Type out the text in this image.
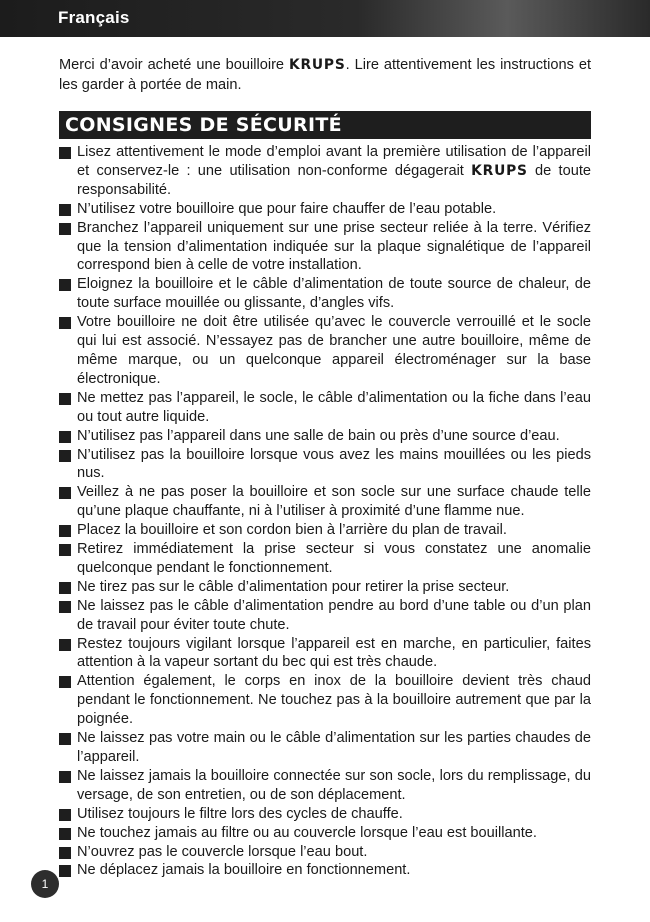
Français

Merci d’avoir acheté une bouilloire KRUPS. Lire attentivement les instructions et les garder à portée de main.

CONSIGNES DE SÉCURITÉ
Lisez attentivement le mode d’emploi avant la première utilisation de l’appareil et conservez-le : une utilisation non-conforme dégagerait KRUPS de toute responsabilité.
N’utilisez votre bouilloire que pour faire chauffer de l’eau potable.
Branchez l’appareil uniquement sur une prise secteur reliée à la terre. Vérifiez que la tension d’alimentation indiquée sur la plaque signalétique de l’appareil correspond bien à celle de votre installation.
Eloignez la bouilloire et le câble d’alimentation de toute source de chaleur, de toute surface mouillée ou glissante, d’angles vifs.
Votre bouilloire ne doit être utilisée qu’avec le couvercle verrouillé et le socle qui lui est associé. N’essayez pas de brancher une autre bouilloire, même de même marque, ou un quelconque appareil électroménager sur la base électronique.
Ne mettez pas l’appareil, le socle, le câble d’alimentation ou la fiche dans l’eau ou tout autre liquide.
N’utilisez pas l’appareil dans une salle de bain ou près d’une source d’eau.
N’utilisez pas la bouilloire lorsque vous avez les mains mouillées ou les pieds nus.
Veillez à ne pas poser la bouilloire et son socle sur une surface chaude telle qu’une plaque chauffante, ni à l’utiliser à proximité d’une flamme nue.
Placez la bouilloire et son cordon bien à l’arrière du plan de travail.
Retirez immédiatement la prise secteur si vous constatez une anomalie quelconque pendant le fonctionnement.
Ne tirez pas sur le câble d’alimentation pour retirer la prise secteur.
Ne laissez pas le câble d’alimentation pendre au bord d’une table ou d’un plan de travail pour éviter toute chute.
Restez toujours vigilant lorsque l’appareil est en marche, en particulier, faites attention à la vapeur sortant du bec qui est très chaude.
Attention également, le corps en inox de la bouilloire devient très chaud pendant le fonctionnement. Ne touchez pas à la bouilloire autrement que par la poignée.
Ne laissez pas votre main ou le câble d’alimentation sur les parties chaudes de l’appareil.
Ne laissez jamais la bouilloire connectée sur son socle, lors du remplissage, du versage, de son entretien, ou de son déplacement.
Utilisez toujours le filtre lors des cycles de chauffe.
Ne touchez jamais au filtre ou au couvercle lorsque l’eau est bouillante.
N’ouvrez pas le couvercle lorsque l’eau bout.
Ne déplacez jamais la bouilloire en fonctionnement.
1
